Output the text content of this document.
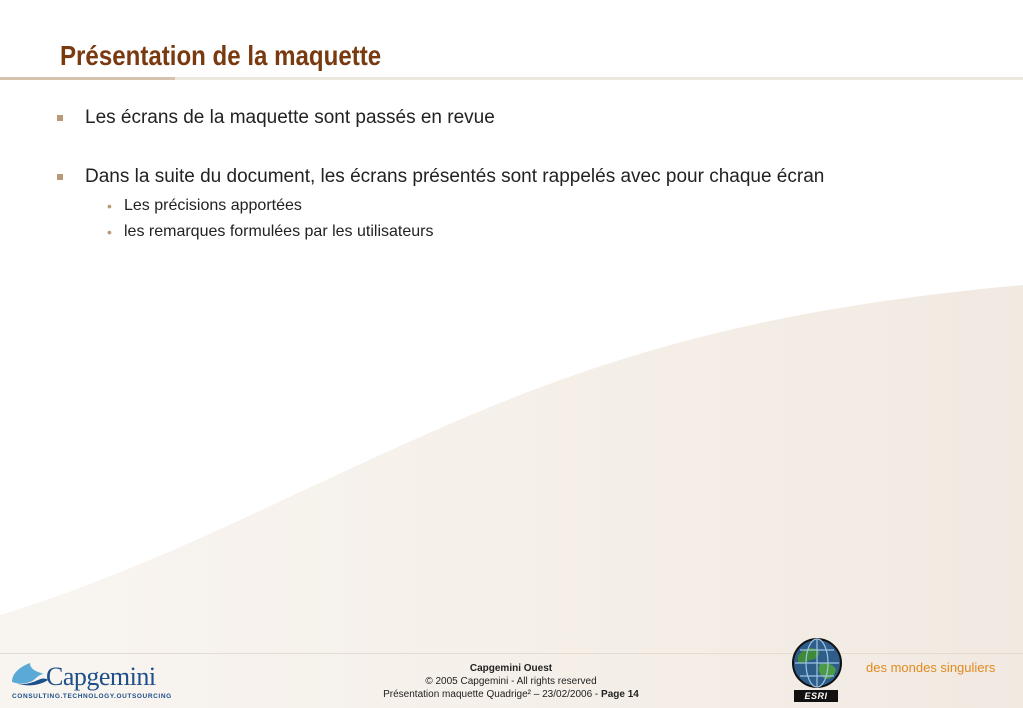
Présentation de la maquette
Les écrans de la maquette sont passés en revue
Dans la suite du document, les écrans présentés sont rappelés avec pour chaque écran
• Les précisions apportées
• les remarques formulées par les utilisateurs
Capgemini
CONSULTING.TECHNOLOGY.OUTSOURCING
Capgemini Ouest
© 2005 Capgemini - All rights reserved
Présentation maquette Quadrige² – 23/02/2006 - Page 14	ESRI
des mondes singuliers
